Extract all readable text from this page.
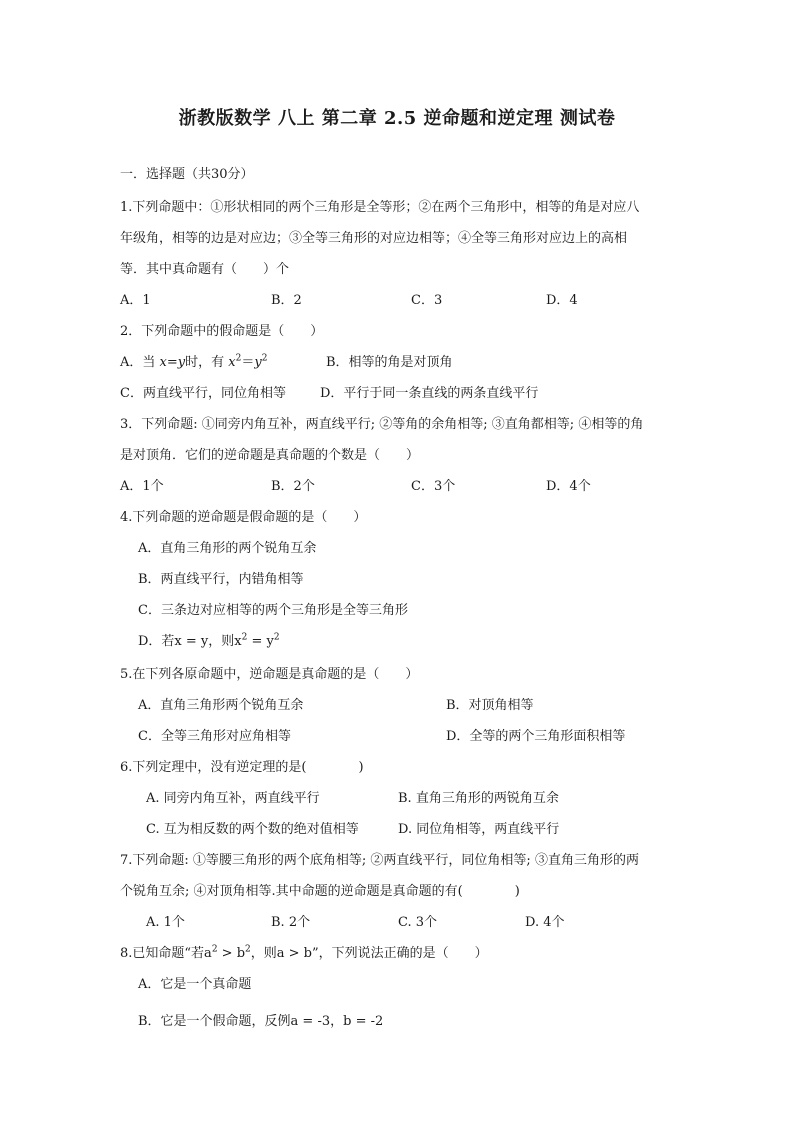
浙教版数学 八上 第二章 2.5 逆命题和逆定理 测试卷
一．选择题（共30分）
1.下列命题中：①形状相同的两个三角形是全等形；②在两个三角形中，相等的角是对应八
年级角，相等的边是对应边；③全等三角形的对应边相等；④全等三角形对应边上的高相
等．其中真命题有（　　）个
A．1	B．2	C．3	D．4
2．下列命题中的假命题是（　　）
A．当 x=y时，有 $x^2=y^2$	B．相等的角是对顶角
C．两直线平行，同位角相等	D．平行于同一条直线的两条直线平行
3．下列命题: ①同旁内角互补，两直线平行; ②等角的余角相等; ③直角都相等; ④相等的角
是对顶角．它们的逆命题是真命题的个数是（　　）
A．1个	B．2个	C．3个	D．4个
4.下列命题的逆命题是假命题的是（　　）
A．直角三角形的两个锐角互余
B．两直线平行，内错角相等
C．三条边对应相等的两个三角形是全等三角形
D．若x = y，则$x^2 = y^2$
5.在下列各原命题中，逆命题是真命题的是（　　）
A．直角三角形两个锐角互余	B．对顶角相等
C．全等三角形对应角相等	D．全等的两个三角形面积相等
6.下列定理中，没有逆定理的是(　　　　)
A. 同旁内角互补，两直线平行	B. 直角三角形的两锐角互余
C. 互为相反数的两个数的绝对值相等	D. 同位角相等，两直线平行
7.下列命题: ①等腰三角形的两个底角相等; ②两直线平行，同位角相等; ③直角三角形的两
个锐角互余; ④对顶角相等.其中命题的逆命题是真命题的有(　　　　)
A. 1个	B. 2个	C. 3个	D. 4个
8.已知命题“若$a^2 > b^2$，则a > b”，下列说法正确的是（　　）
A．它是一个真命题
B．它是一个假命题，反例a = -3，b = -2
